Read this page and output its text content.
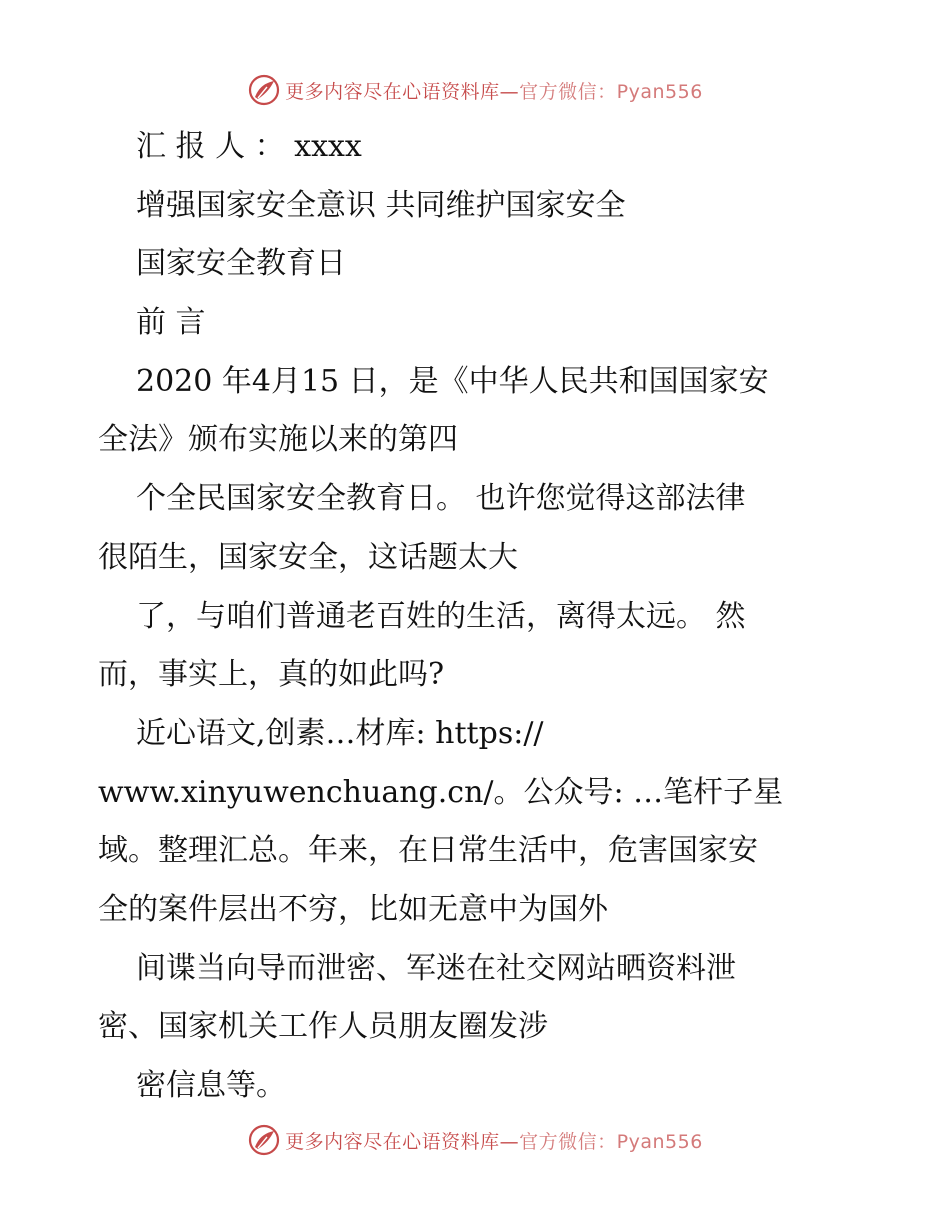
更多内容尽在心语资料库—官方微信：Pyan556
汇 报 人 ： xxxx
增强国家安全意识 共同维护国家安全
国家安全教育日
前 言
2020 年4月15 日，是《中华人民共和国国家安
全法》颁布实施以来的第四
个全民国家安全教育日。 也许您觉得这部法律
很陌生，国家安全，这话题太大
了，与咱们普通老百姓的生活，离得太远。 然
而，事实上，真的如此吗?
近心语文,创素…材库: https://
www.xinyuwenchuang.cn/。公众号: …笔杆子星
域。整理汇总。年来，在日常生活中，危害国家安
全的案件层出不穷，比如无意中为国外
间谍当向导而泄密、军迷在社交网站晒资料泄
密、国家机关工作人员朋友圈发涉
密信息等。
更多内容尽在心语资料库—官方微信：Pyan556
